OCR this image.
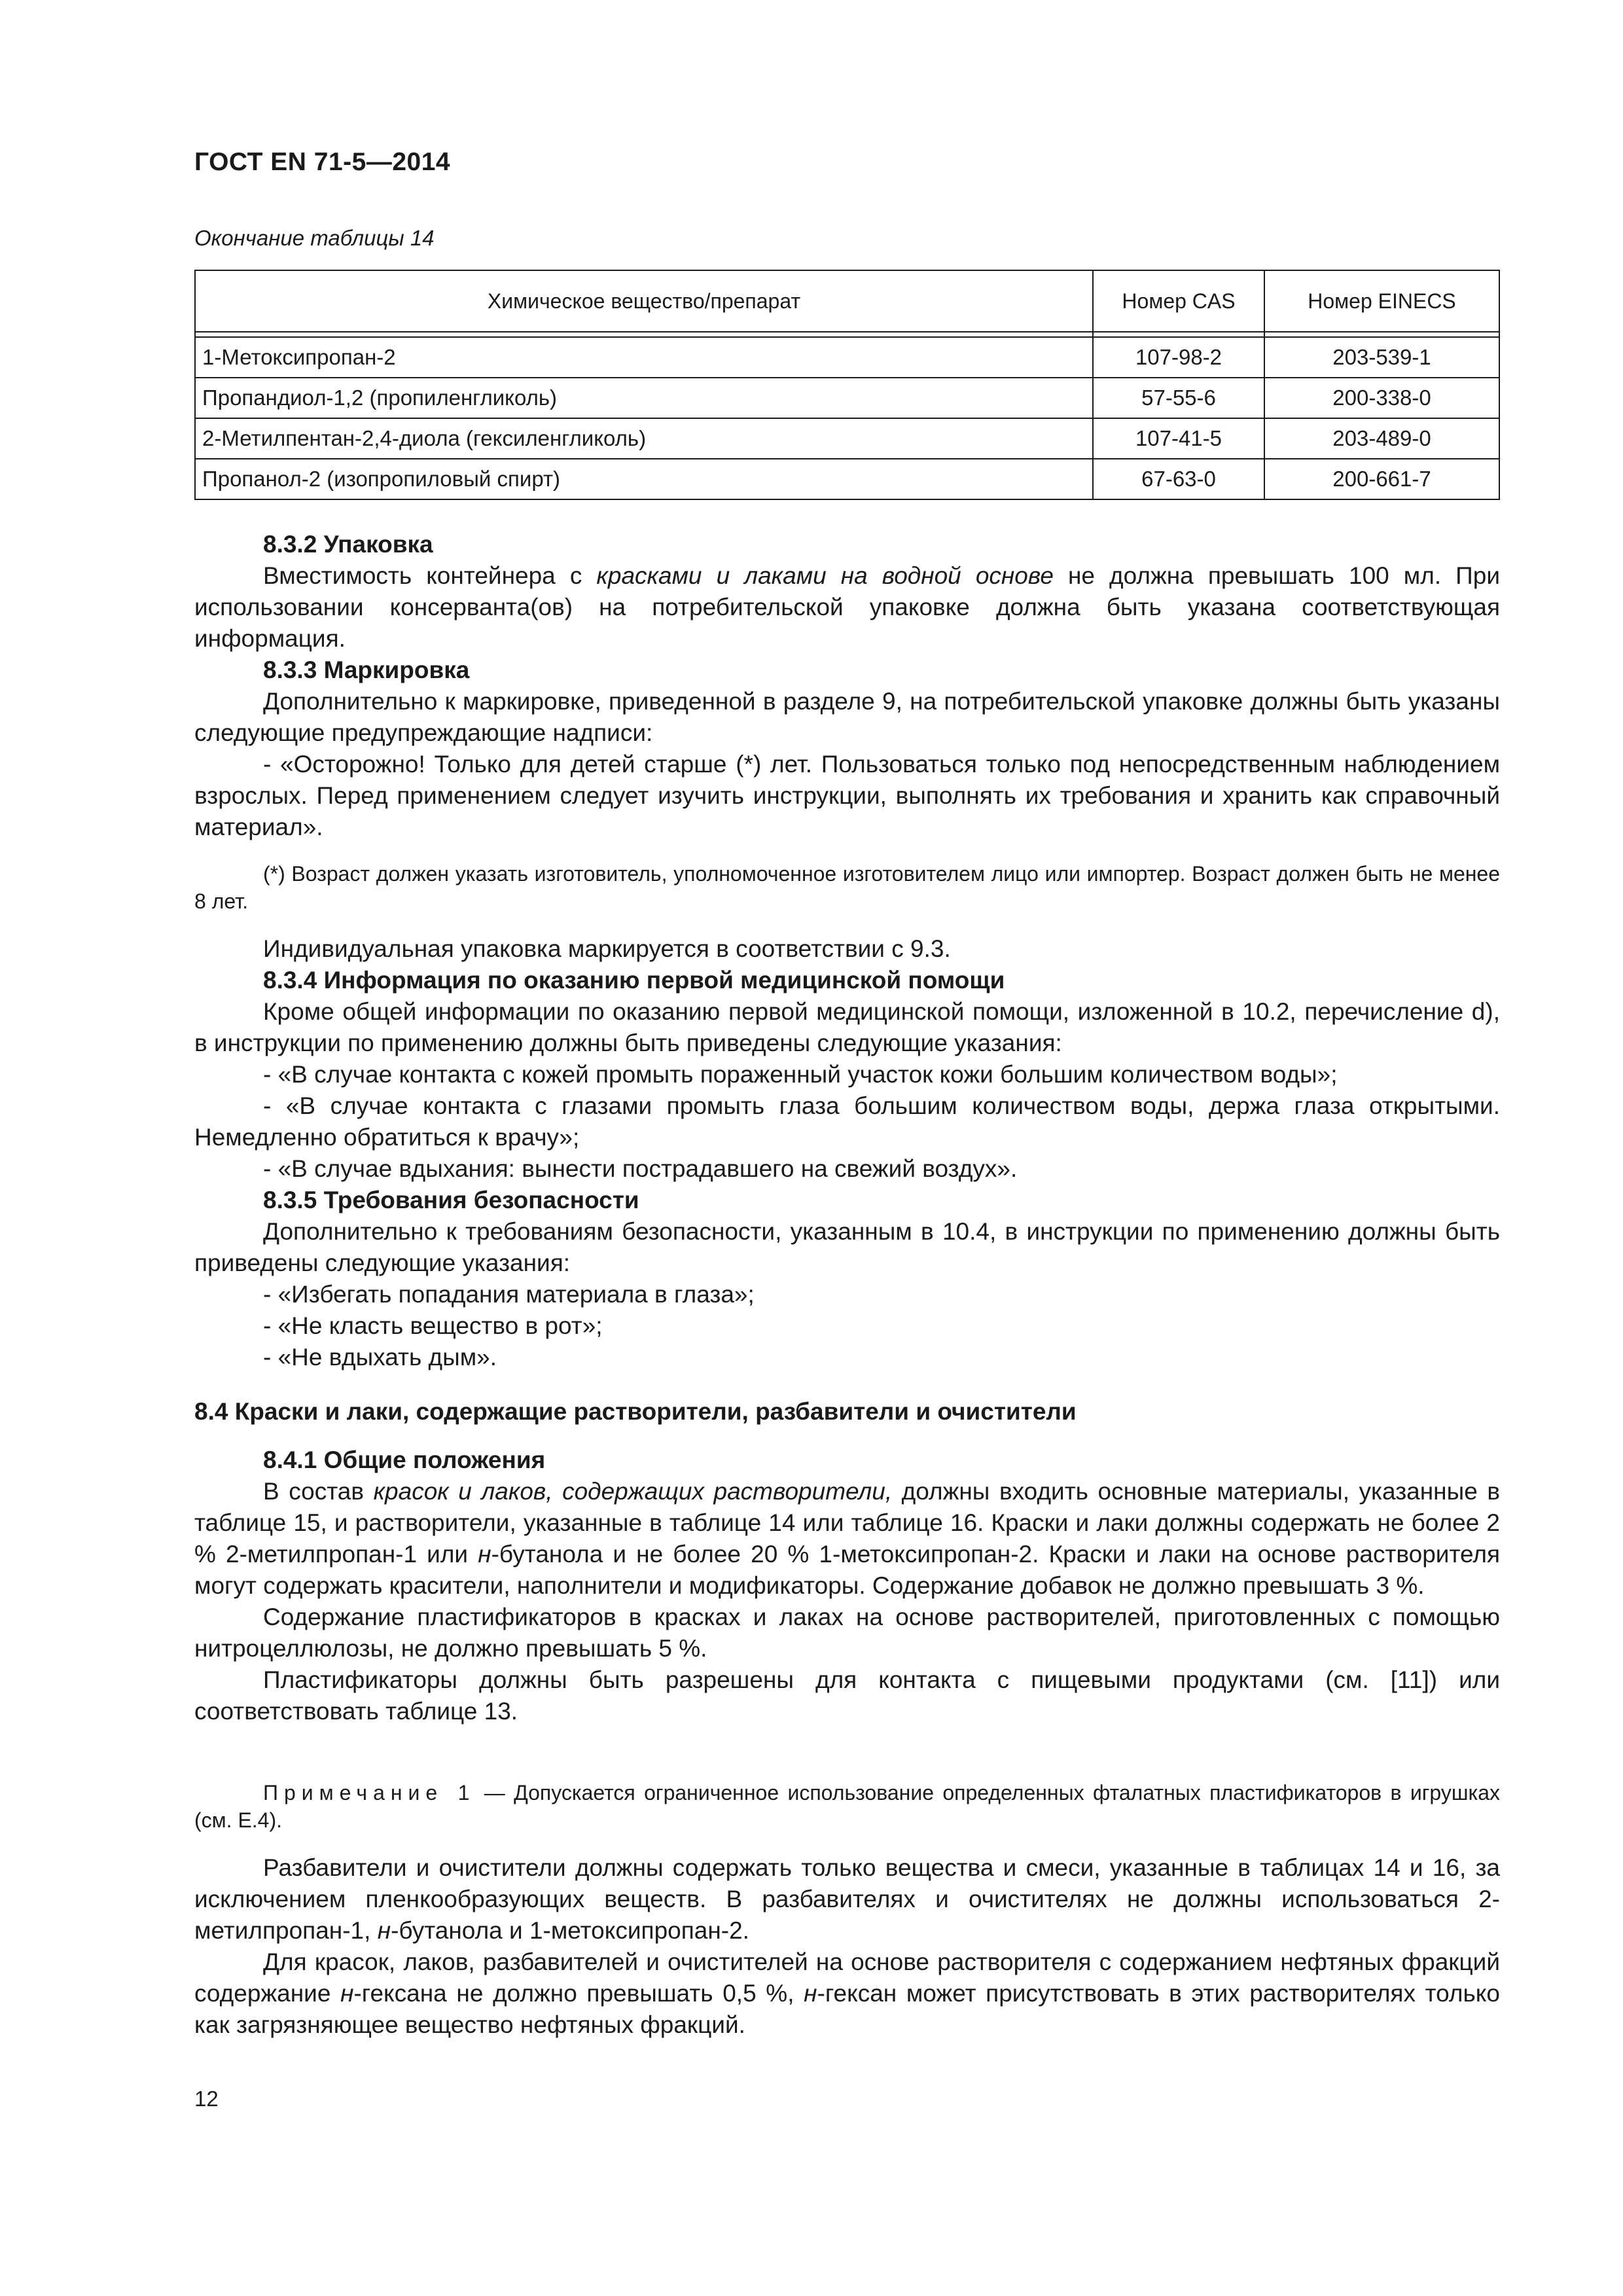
ГОСТ EN 71-5—2014
Окончание таблицы 14
Химическое вещество/препарат	Номер CAS	Номер EINECS

1-Метоксипропан-2	107-98-2	203-539-1
Пропандиол-1,2 (пропиленгликоль)	57-55-6	200-338-0
2-Метилпентан-2,4-диола (гексиленгликоль)	107-41-5	203-489-0
Пропанол-2 (изопропиловый спирт)	67-63-0	200-661-7

8.3.2 Упаковка

Вместимость контейнера с красками и лаками на водной основе не должна превышать 100 мл. При использовании консерванта(ов) на потребительской упаковке должна быть указана соответствующая информация.

8.3.3 Маркировка

Дополнительно к маркировке, приведенной в разделе 9, на потребительской упаковке должны быть указаны следующие предупреждающие надписи:

- «Осторожно! Только для детей старше (*) лет. Пользоваться только под непосредственным наблюдением взрослых. Перед применением следует изучить инструкции, выполнять их требования и хранить как справочный материал».

(*) Возраст должен указать изготовитель, уполномоченное изготовителем лицо или импортер. Возраст должен быть не менее 8 лет.

Индивидуальная упаковка маркируется в соответствии с 9.3.

8.3.4 Информация по оказанию первой медицинской помощи

Кроме общей информации по оказанию первой медицинской помощи, изложенной в 10.2, перечисление d), в инструкции по применению должны быть приведены следующие указания:

- «В случае контакта с кожей промыть пораженный участок кожи большим количеством воды»;

- «В случае контакта с глазами промыть глаза большим количеством воды, держа глаза открытыми. Немедленно обратиться к врачу»;

- «В случае вдыхания: вынести пострадавшего на свежий воздух».

8.3.5 Требования безопасности

Дополнительно к требованиям безопасности, указанным в 10.4, в инструкции по применению должны быть приведены следующие указания:

- «Избегать попадания материала в глаза»;

- «Не класть вещество в рот»;

- «Не вдыхать дым».

8.4 Краски и лаки, содержащие растворители, разбавители и очистители

8.4.1 Общие положения

В состав красок и лаков, содержащих растворители, должны входить основные материалы, указанные в таблице 15, и растворители, указанные в таблице 14 или таблице 16. Краски и лаки должны содержать не более 2 % 2-метилпропан-1 или н-бутанола и не более 20 % 1-метоксипропан-2. Краски и лаки на основе растворителя могут содержать красители, наполнители и модификаторы. Содержание добавок не должно превышать 3 %.

Содержание пластификаторов в красках и лаках на основе растворителей, приготовленных с помощью нитроцеллюлозы, не должно превышать 5 %.

Пластификаторы должны быть разрешены для контакта с пищевыми продуктами (см. [11]) или соответствовать таблице 13.

Примечание 1 — Допускается ограниченное использование определенных фталатных пластификаторов в игрушках (см. E.4).

Разбавители и очистители должны содержать только вещества и смеси, указанные в таблицах 14 и 16, за исключением пленкообразующих веществ. В разбавителях и очистителях не должны использоваться 2-метилпропан-1, н-бутанола и 1-метоксипропан-2.

Для красок, лаков, разбавителей и очистителей на основе растворителя с содержанием нефтяных фракций содержание н-гексана не должно превышать 0,5 %, н-гексан может присутствовать в этих растворителях только как загрязняющее вещество нефтяных фракций.

12
